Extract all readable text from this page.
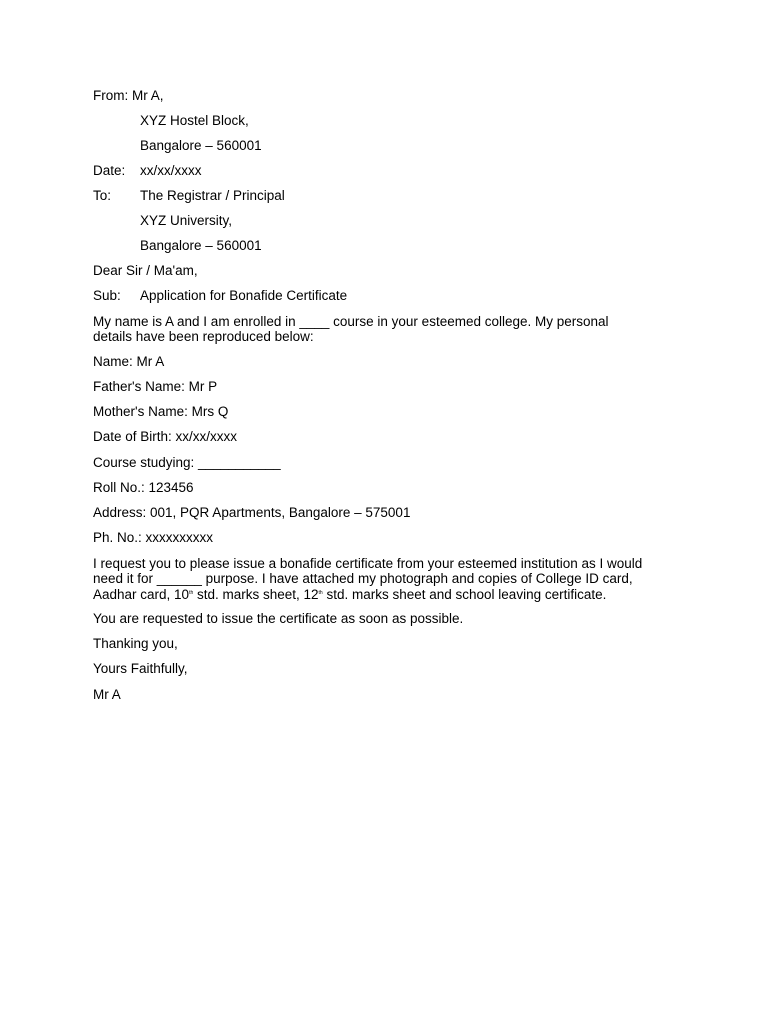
From: Mr A,
XYZ Hostel Block,
Bangalore – 560001
Date: xx/xx/xxxx
To: The Registrar / Principal
XYZ University,
Bangalore – 560001
Dear Sir / Ma'am,
Sub: Application for Bonafide Certificate
My name is A and I am enrolled in ____ course in your esteemed college. My personal
details have been reproduced below:
Name: Mr A
Father's Name: Mr P
Mother's Name: Mrs Q
Date of Birth: xx/xx/xxxx
Course studying: ___________
Roll No.: 123456
Address: 001, PQR Apartments, Bangalore – 575001
Ph. No.: xxxxxxxxxx
I request you to please issue a bonafide certificate from your esteemed institution as I would
need it for ______ purpose. I have attached my photograph and copies of College ID card,
Aadhar card, 10th std. marks sheet, 12th std. marks sheet and school leaving certificate.
You are requested to issue the certificate as soon as possible.
Thanking you,
Yours Faithfully,
Mr A
